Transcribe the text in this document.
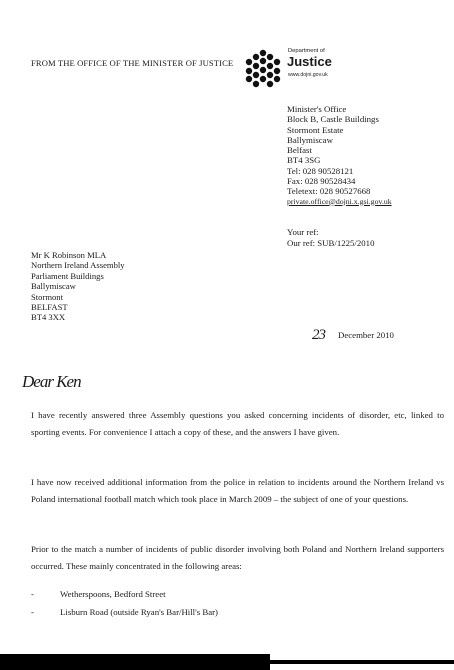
FROM THE OFFICE OF THE MINISTER OF JUSTICE
Department of
Justice
www.dojni.gov.uk
Minister's Office
Block B, Castle Buildings
Stormont Estate
Ballymiscaw
Belfast
BT4 3SG
Tel: 028 90528121
Fax: 028 90528434
Teletext: 028 90527668
private.office@dojni.x.gsi.gov.uk
Your ref:
Our ref: SUB/1225/2010
Mr K Robinson MLA
Northern Ireland Assembly
Parliament Buildings
Ballymiscaw
Stormont
BELFAST
BT4 3XX
23 December 2010
Dear Ken
I have recently answered three Assembly questions you asked concerning incidents of disorder, etc, linked to sporting events. For convenience I attach a copy of these, and the answers I have given.
I have now received additional information from the police in relation to incidents around the Northern Ireland vs Poland international football match which took place in March 2009 – the subject of one of your questions.
Prior to the match a number of incidents of public disorder involving both Poland and Northern Ireland supporters occurred. These mainly concentrated in the following areas:
-	Wetherspoons, Bedford Street
-	Lisburn Road (outside Ryan's Bar/Hill's Bar)
